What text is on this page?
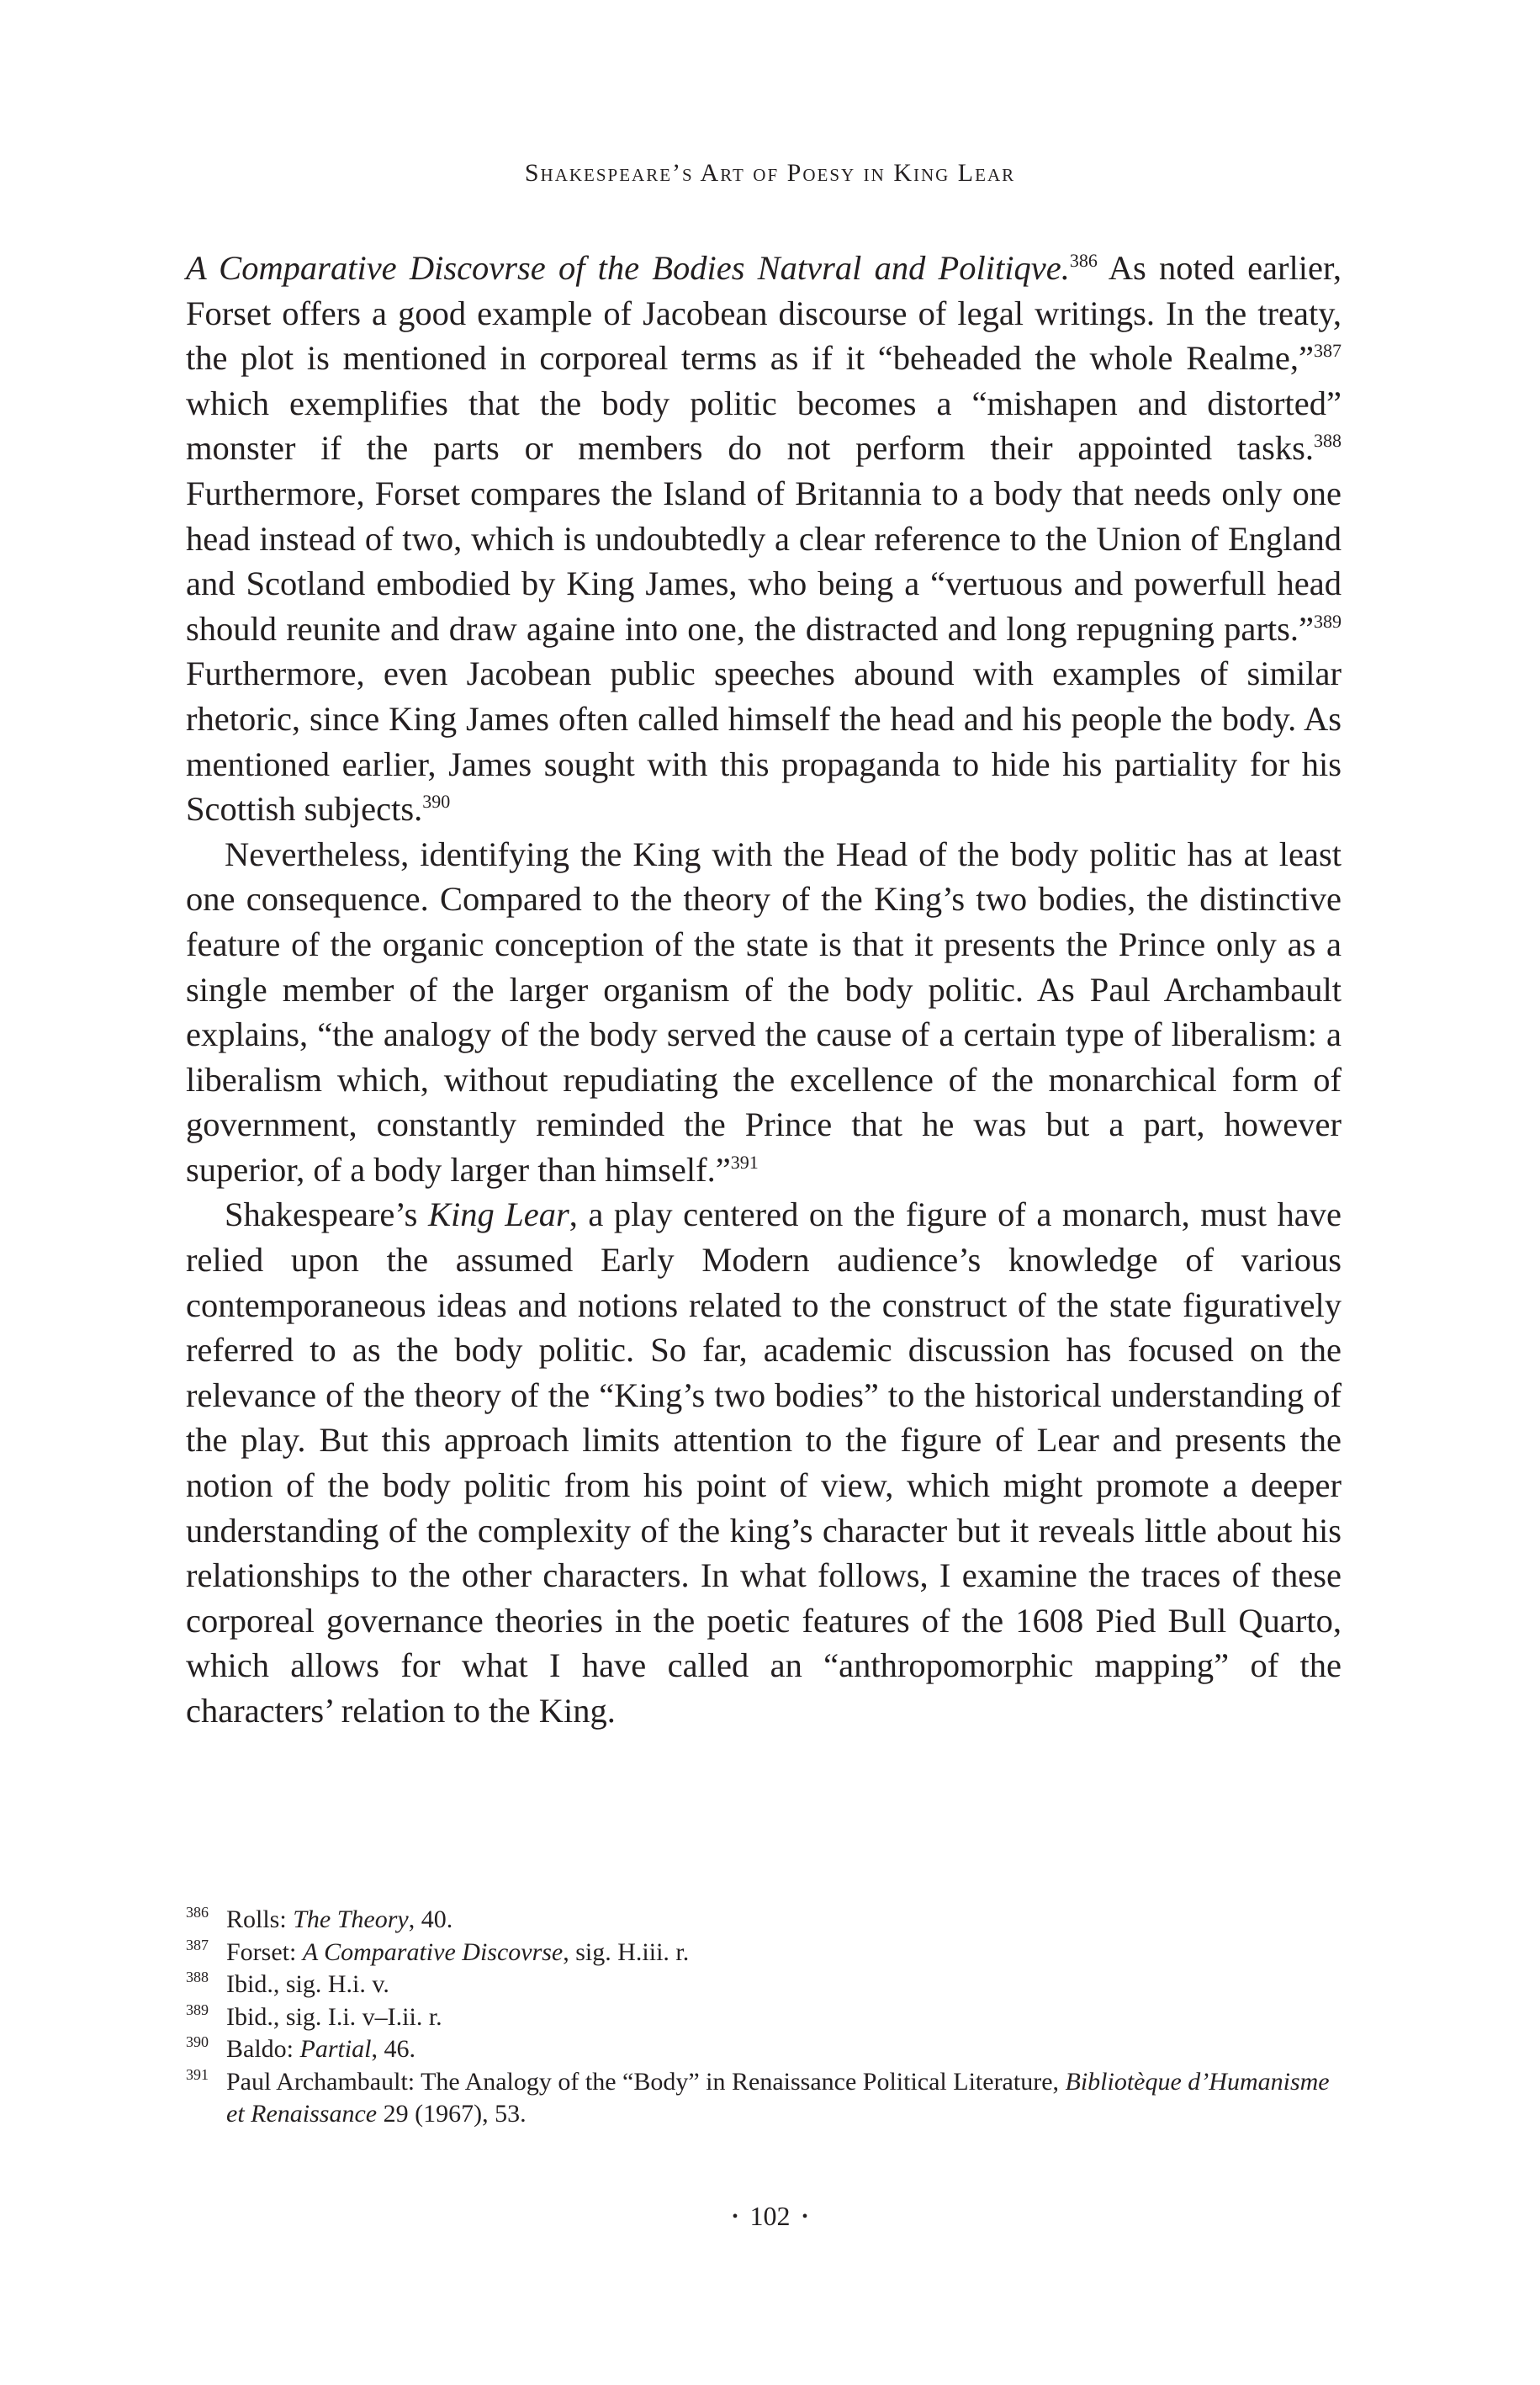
Shakespeare’s Art of Poesy in King Lear

A Comparative Discovrse of the Bodies Natvral and Politiqve.$^{386}$ As noted earlier, Forset offers a good example of Jacobean discourse of legal writings. In the treaty, the plot is mentioned in corporeal terms as if it “beheaded the whole Realme,”$^{387}$ which exemplifies that the body politic becomes a “mishapen and distorted” monster if the parts or members do not perform their appointed tasks.$^{388}$ Furthermore, Forset compares the Island of Britannia to a body that needs only one head instead of two, which is undoubtedly a clear reference to the Union of England and Scotland embodied by King James, who being a “vertuous and powerfull head should reunite and draw againe into one, the distracted and long repugning parts.”$^{389}$ Furthermore, even Jacobean public speeches abound with examples of similar rhetoric, since King James often called himself the head and his people the body. As mentioned earlier, James sought with this propaganda to hide his partiality for his Scottish subjects.$^{390}$

Nevertheless, identifying the King with the Head of the body politic has at least one consequence. Compared to the theory of the King’s two bodies, the distinctive feature of the organic conception of the state is that it presents the Prince only as a single member of the larger organism of the body politic. As Paul Archambault explains, “the analogy of the body served the cause of a certain type of liberalism: a liberalism which, without repudiating the excellence of the monarchical form of government, constantly reminded the Prince that he was but a part, however superior, of a body larger than himself.”$^{391}$

Shakespeare’s King Lear, a play centered on the figure of a monarch, must have relied upon the assumed Early Modern audience’s knowledge of various contemporaneous ideas and notions related to the construct of the state figuratively referred to as the body politic. So far, academic discussion has focused on the relevance of the theory of the “King’s two bodies” to the historical understanding of the play. But this approach limits attention to the figure of Lear and presents the notion of the body politic from his point of view, which might promote a deeper understanding of the complexity of the king’s character but it reveals little about his relationships to the other characters. In what follows, I examine the traces of these corporeal governance theories in the poetic features of the 1608 Pied Bull Quarto, which allows for what I have called an “anthropomorphic mapping” of the characters’ relation to the King.

386 Rolls: The Theory, 40.
387 Forset: A Comparative Discovrse, sig. H.iii. r.
388 Ibid., sig. H.i. v.
389 Ibid., sig. I.i. v–I.ii. r.
390 Baldo: Partial, 46.
391 Paul Archambault: The Analogy of the “Body” in Renaissance Political Literature, Bibliotèque d’Humanisme et Renaissance 29 (1967), 53.
• 102 •
